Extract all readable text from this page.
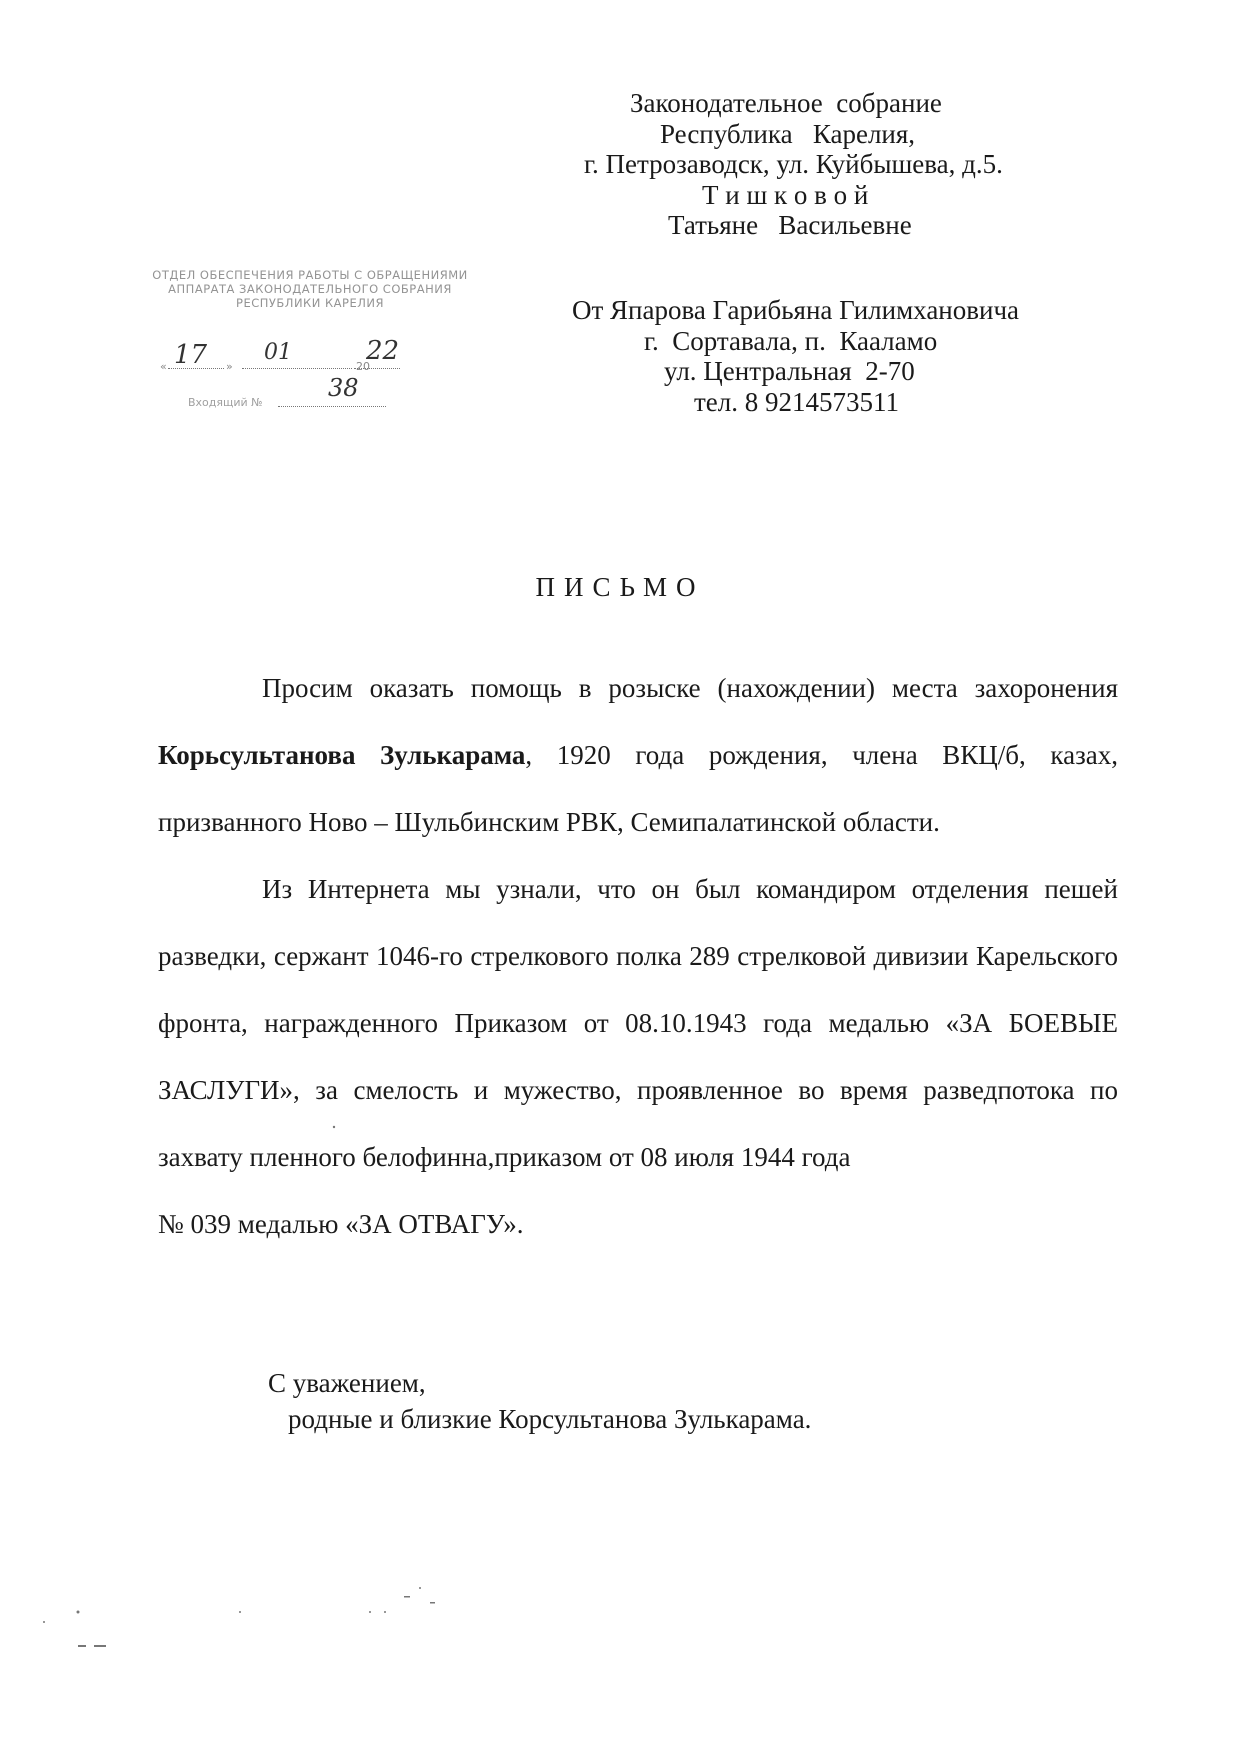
Законодательное  собрание
Республика   Карелия,
г. Петрозаводск, ул. Куйбышева, д.5.
Т и ш к о в о й
Татьяне   Васильевне
ОТДЕЛ ОБЕСПЕЧЕНИЯ РАБОТЫ С ОБРАЩЕНИЯМИ
АППАРАТА ЗАКОНОДАТЕЛЬНОГО СОБРАНИЯ
РЕСПУБЛИКИ КАРЕЛИЯ
« 17 »
01
20
22
Входящий №
38
От Япарова Гарибьяна Гилимхановича
г.  Сортавала, п.  Кааламо
ул. Центральная  2-70
тел. 8 9214573511
ПИСЬМО

Просим оказать помощь в розыске (нахождении) места захоронения Корьсультанова Зулькарама, 1920 года рождения, члена ВКЦ/б, казах, призванного Ново – Шульбинским РВК, Семипалатинской области.

Из Интернета мы узнали, что он был командиром отделения пешей разведки, сержант 1046-го стрелкового полка 289 стрелковой дивизии Карельского фронта, награжденного Приказом от 08.10.1943 года медалью «ЗА БОЕВЫЕ ЗАСЛУГИ», за смелость и мужество, проявленное во время разведпотока по захвату пленного белофинна,приказом от 08 июля 1944 года

№ 039 медалью «ЗА ОТВАГУ».

С уважением,
родные и близкие Корсультанова Зулькарама.
